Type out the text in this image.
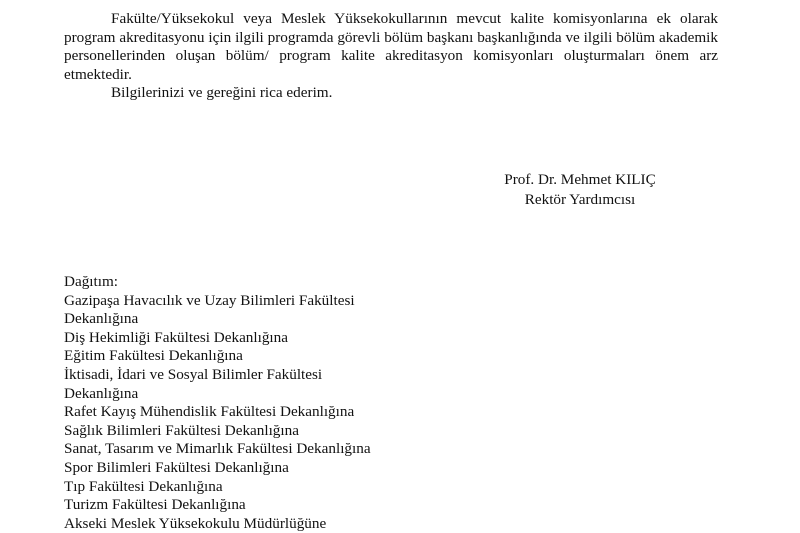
Fakülte/Yüksekokul veya Meslek Yüksekokullarının mevcut kalite komisyonlarına ek olarak program akreditasyonu için ilgili programda görevli bölüm başkanı başkanlığında ve ilgili bölüm akademik personellerinden oluşan bölüm/ program kalite akreditasyon komisyonları oluşturmaları önem arz etmektedir.

Bilgilerinizi ve gereğini rica ederim.

Prof. Dr. Mehmet KILIÇ
Rektör Yardımcısı
Dağıtım:
Gazipaşa Havacılık ve Uzay Bilimleri Fakültesi
Dekanlığına
Diş Hekimliği Fakültesi Dekanlığına
Eğitim Fakültesi Dekanlığına
İktisadi, İdari ve Sosyal Bilimler Fakültesi
Dekanlığına
Rafet Kayış Mühendislik Fakültesi Dekanlığına
Sağlık Bilimleri Fakültesi Dekanlığına
Sanat, Tasarım ve Mimarlık Fakültesi Dekanlığına
Spor Bilimleri Fakültesi Dekanlığına
Tıp Fakültesi Dekanlığına
Turizm Fakültesi Dekanlığına
Akseki Meslek Yüksekokulu Müdürlüğüne
